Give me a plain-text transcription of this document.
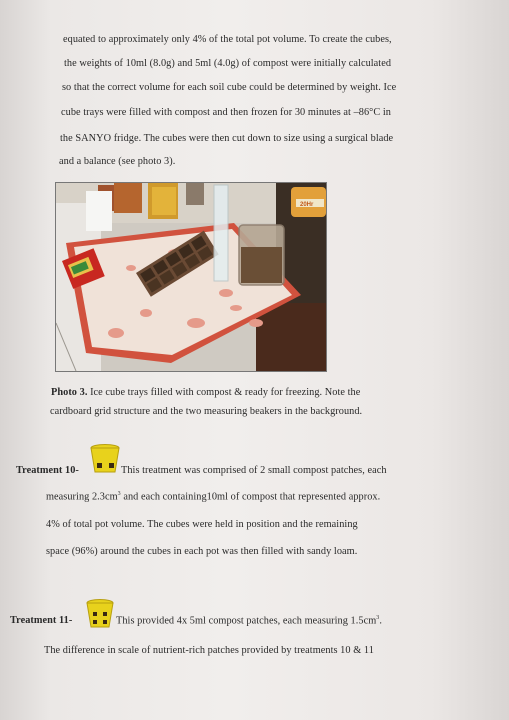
equated to approximately only 4% of the total pot volume. To create the cubes,
the weights of 10ml (8.0g) and 5ml (4.0g) of compost were initially calculated
so that the correct volume for each soil cube could be determined by weight. Ice
cube trays were filled with compost and then frozen for 30 minutes at –86°C in
the SANYO fridge. The cubes were then cut down to size using a surgical blade
and a balance (see photo 3).
20Hr
Photo 3. Ice cube trays filled with compost & ready for freezing. Note the
cardboard grid structure and the two measuring beakers in the background.
Treatment 10-	This treatment was comprised of 2 small compost patches, each
measuring $2.3cm^3$ and each containing10ml of compost that represented approx.
4% of total pot volume. The cubes were held in position and the remaining
space (96%) around the cubes in each pot was then filled with sandy loam.
Treatment 11-	This provided 4x 5ml compost patches, each measuring $1.5cm^3$.
The difference in scale of nutrient-rich patches provided by treatments 10 & 11
